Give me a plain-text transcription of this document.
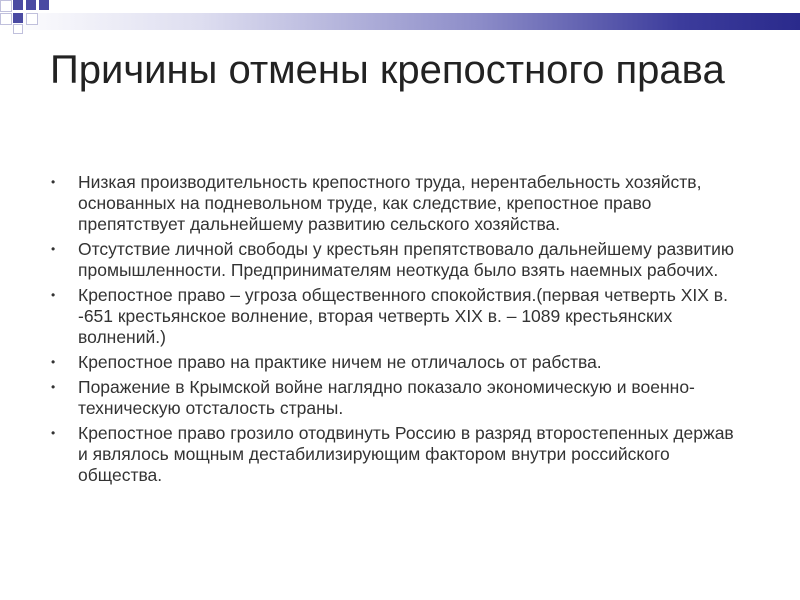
Причины отмены крепостного права
• Низкая производительность крепостного труда, нерентабельность хозяйств, основанных на подневольном труде, как следствие, крепостное право препятствует дальнейшему развитию сельского хозяйства.
• Отсутствие личной свободы у крестьян препятствовало дальнейшему развитию промышленности. Предпринимателям неоткуда было взять наемных рабочих.
• Крепостное право – угроза общественного спокойствия.(первая четверть XIX в. -651 крестьянское волнение, вторая четверть XIX в. – 1089 крестьянских волнений.)
• Крепостное право на практике ничем не отличалось от рабства.
• Поражение в Крымской войне наглядно показало экономическую и военно-техническую отсталость страны.
• Крепостное право грозило отодвинуть Россию в разряд второстепенных держав и являлось мощным дестабилизирующим фактором внутри российского общества.
